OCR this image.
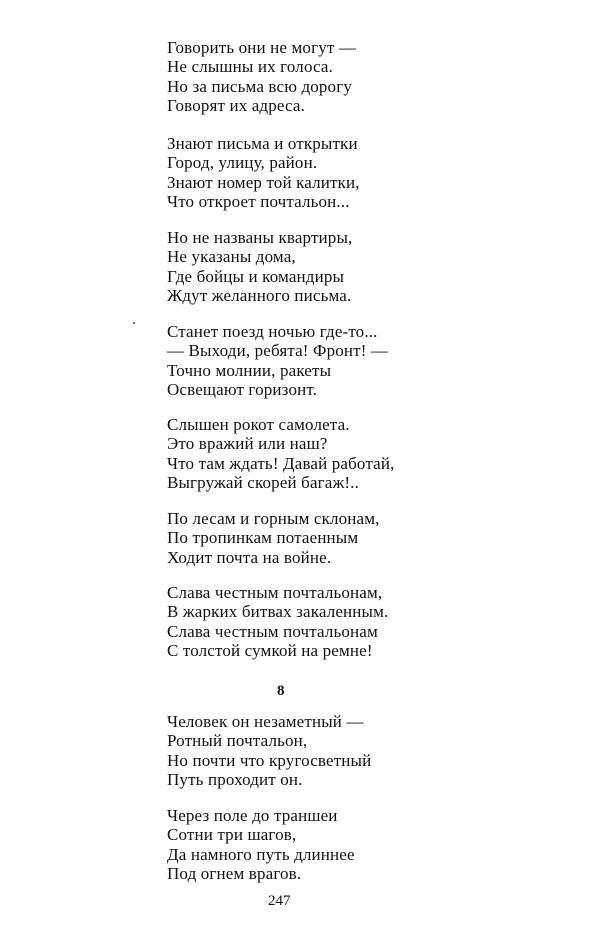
Говорить они не могут —
Не слышны их голоса.
Но за письма всю дорогу
Говорят их адреса.
Знают письма и открытки
Город, улицу, район.
Знают номер той калитки,
Что откроет почтальон...
Но не названы квартиры,
Не указаны дома,
Где бойцы и командиры
Ждут желанного письма.
Станет поезд ночью где-то...
— Выходи, ребята! Фронт! —
Точно молнии, ракеты
Освещают горизонт.
Слышен рокот самолета.
Это вражий или наш?
Что там ждать! Давай работай,
Выгружай скорей багаж!..
По лесам и горным склонам,
По тропинкам потаенным
Ходит почта на войне.
Слава честным почтальонам,
В жарких битвах закаленным.
Слава честным почтальонам
С толстой сумкой на ремне!
8
Человек он незаметный —
Ротный почтальон,
Но почти что кругосветный
Путь проходит он.
Через поле до траншеи
Сотни три шагов,
Да намного путь длиннее
Под огнем врагов.
247
